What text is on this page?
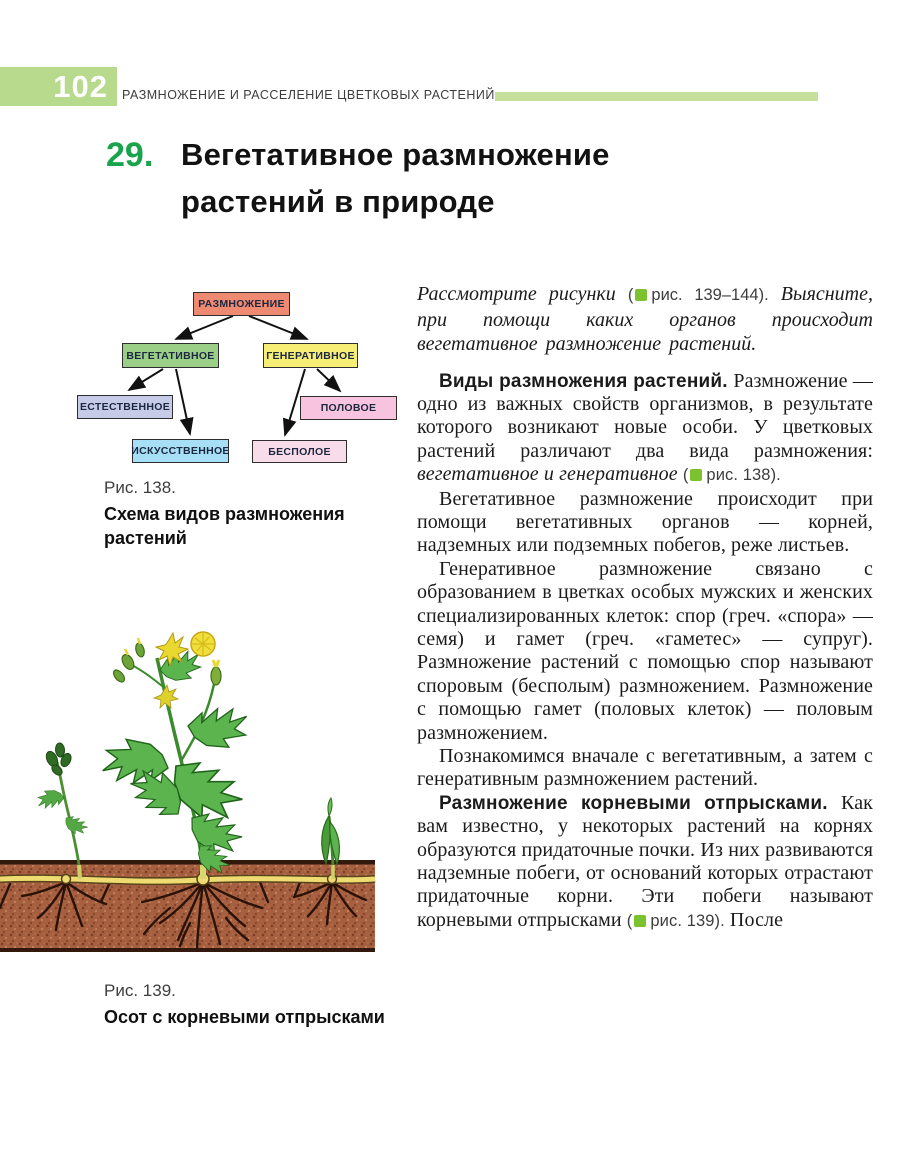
102	РАЗМНОЖЕНИЕ И РАССЕЛЕНИЕ ЦВЕТКОВЫХ РАСТЕНИЙ
29. Вегетативное размножение растений в природе
РАЗМНОЖЕНИЕ
ВЕГЕТАТИВНОЕ	ГЕНЕРАТИВНОЕ
ЕСТЕСТВЕННОЕ	ПОЛОВОЕ
ИСКУССТВЕННОЕ	БЕСПОЛОЕ
Рис. 138.
Схема видов размножения растений
Рис. 139.
Осот с корневыми отпрысками

Рассмотрите рисунки ( рис. 139–144). Выясните, при помощи каких органов происходит вегетативное размножение растений.

Виды размножения растений. Размножение — одно из важных свойств организмов, в результате которого возникают новые особи. У цветковых растений различают два вида размножения: вегетативное и генеративное ( рис. 138).

Вегетативное размножение происходит при помощи вегетативных органов — корней, надземных или подземных побегов, реже листьев.

Генеративное размножение связано с образованием в цветках особых мужских и женских специализированных клеток: спор (греч. «спора» — семя) и гамет (греч. «гаметес» — супруг). Размножение растений с помощью спор называют споровым (бесполым) размножением. Размножение с помощью гамет (половых клеток) — половым размножением.

Познакомимся вначале с вегетативным, а затем с генеративным размножением растений.

Размножение корневыми отпрысками. Как вам известно, у некоторых растений на корнях образуются придаточные почки. Из них развиваются надземные побеги, от оснований которых отрастают придаточные корни. Эти побеги называют корневыми отпрысками ( рис. 139). После
